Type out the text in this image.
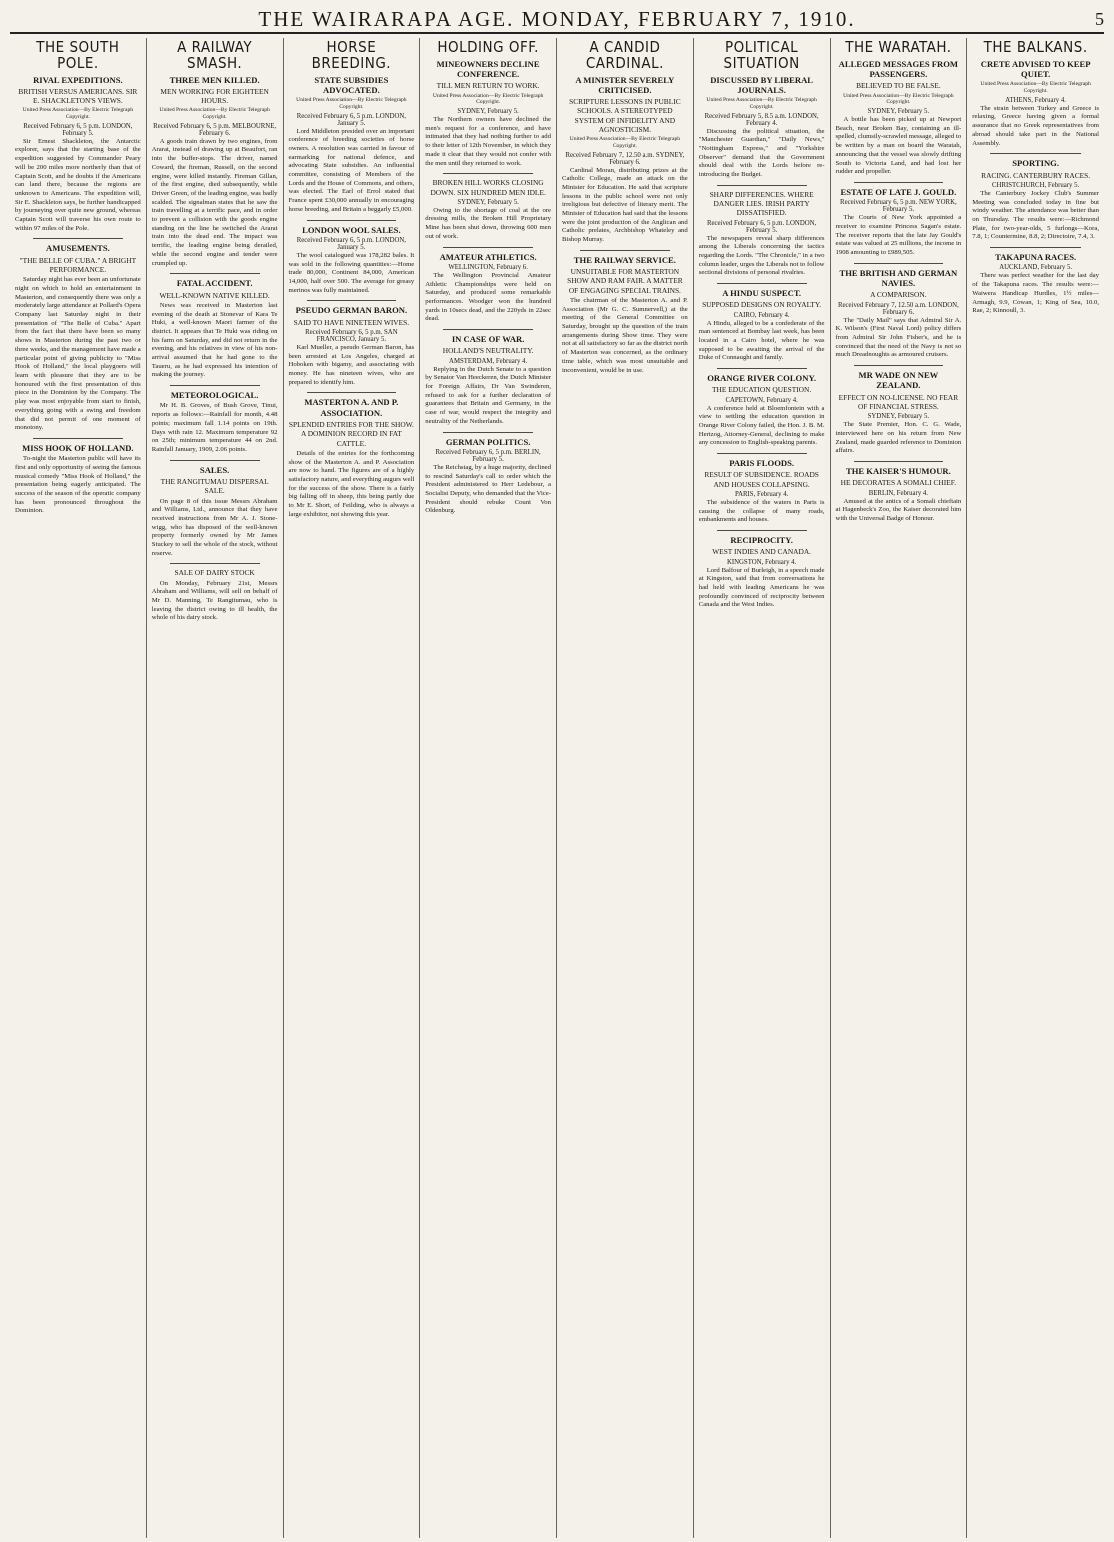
THE WAIRARAPA AGE. MONDAY, FEBRUARY 7, 1910.	5
THE SOUTH POLE.
RIVAL EXPEDITIONS.
BRITISH VERSUS AMERICANS. SIR E. SHACKLETON'S VIEWS.
United Press Association—By Electric Telegraph Copyright.
Received February 6, 5 p.m. LONDON, February 5.

Sir Ernest Shackleton, the Antarctic explorer, says that the starting base of the expedition suggested by Commander Peary will be 200 miles more northerly than that of Captain Scott, and he doubts if the Americans can land there, because the regions are unknown to Americans. The expedition will, Sir E. Shackleton says, be further handicapped by journeying over quite new ground, whereas Captain Scott will traverse his own route to within 97 miles of the Pole.

AMUSEMENTS.
"THE BELLE OF CUBA." A BRIGHT PERFORMANCE.

Saturday night has ever been an unfortunate night on which to hold an entertainment in Masterton, and consequently there was only a moderately large attendance at Pollard's Opera Company last Saturday night in their presentation of "The Belle of Cuba." Apart from the fact that there have been so many shows in Masterton during the past two or three weeks, and the management have made a particular point of giving publicity to "Miss Hook of Holland," the local playgoers will learn with pleasure that they are to be honoured with the first presentation of this piece in the Dominion by the Company. The play was most enjoyable from start to finish, everything going with a swing and freedom that did not permit of one moment of monotony.

MISS HOOK OF HOLLAND.

To-night the Masterton public will have its first and only opportunity of seeing the famous musical comedy "Miss Hook of Holland," the presentation being eagerly anticipated. The success of the season of the operatic company has been pronounced throughout the Dominion.

A RAILWAY SMASH.
THREE MEN KILLED.
MEN WORKING FOR EIGHTEEN HOURS.
United Press Association—By Electric Telegraph Copyright.
Received February 6, 5 p.m. MELBOURNE, February 6.

A goods train drawn by two engines, from Ararat, instead of drawing up at Beaufort, ran into the buffer-stops. The driver, named Coward, the fireman, Russell, on the second engine, were killed instantly. Fireman Gillan, of the first engine, died subsequently, while Driver Green, of the leading engine, was badly scalded. The signalman states that he saw the train travelling at a terrific pace, and in order to prevent a collision with the goods engine standing on the line he switched the Ararat train into the dead end. The impact was terrific, the leading engine being derailed, while the second engine and tender were crumpled up.

FATAL ACCIDENT.
WELL-KNOWN NATIVE KILLED.

News was received in Masterton last evening of the death at Stonevar of Kara Te Huki, a well-known Maori farmer of the district. It appears that Te Huki was riding on his farm on Saturday, and did not return in the evening, and his relatives in view of his non-arrival assumed that he had gone to the Taueru, as he had expressed his intention of making the journey.

METEOROLOGICAL.

Mr H. B. Groves, of Bush Grove, Tinui, reports as follows:—Rainfall for month, 4.48 points; maximum fall 1.14 points on 19th. Days with rain 12. Maximum temperature 92 on 25th; minimum temperature 44 on 2nd. Rainfall January, 1909, 2.06 points.

SALES.
THE RANGITUMAU DISPERSAL SALE.

On page 8 of this issue Messrs Abraham and Williams, Ltd., announce that they have received instructions from Mr A. J. Stone-wigg, who has disposed of the well-known property formerly owned by Mr James Stuckey to sell the whole of the stock, without reserve.

SALE OF DAIRY STOCK

On Monday, February 21st, Messrs Abraham and Williams, will sell on behalf of Mr D. Manning, Te Rangitumau, who is leaving the district owing to ill health, the whole of his dairy stock.

HORSE BREEDING.
STATE SUBSIDIES ADVOCATED.
United Press Association—By Electric Telegraph Copyright.
Received February 6, 5 p.m. LONDON, January 5.

Lord Middleton presided over an important conference of breeding societies of horse owners. A resolution was carried in favour of earmarking for national defence, and advocating State subsidies. An influential committee, consisting of Members of the Lords and the House of Commons, and others, was elected. The Earl of Errol stated that France spent £30,000 annually in encouraging horse breeding, and Britain a beggarly £5,000.

LONDON WOOL SALES.
Received February 6, 5 p.m. LONDON, January 5.

The wool catalogued was 178,282 bales. It was sold in the following quantities:—Home trade 80,000, Continent 84,000, American 14,000, half over 500. The average for greasy merinos was fully maintained.

PSEUDO GERMAN BARON.
SAID TO HAVE NINETEEN WIVES.
Received February 6, 5 p.m. SAN FRANCISCO, January 5.

Karl Mueller, a pseudo German Baron, has been arrested at Los Angeles, charged at Hoboken with bigamy, and associating with money. He has nineteen wives, who are prepared to identify him.

MASTERTON A. AND P. ASSOCIATION.
SPLENDID ENTRIES FOR THE SHOW. A DOMINION RECORD IN FAT CATTLE.

Details of the entries for the forthcoming show of the Masterton A. and P. Association are now to hand. The figures are of a highly satisfactory nature, and everything augurs well for the success of the show. There is a fairly big falling off in sheep, this being partly due to Mr E. Short, of Feilding, who is always a large exhibitor, not showing this year.

HOLDING OFF.
MINEOWNERS DECLINE CONFERENCE.
TILL MEN RETURN TO WORK.
United Press Association—By Electric Telegraph Copyright.
SYDNEY, February 5.

The Northern owners have declined the men's request for a conference, and have intimated that they had nothing further to add to their letter of 12th November, in which they made it clear that they would not confer with the men until they returned to work.

BROKEN HILL WORKS CLOSING DOWN. SIX HUNDRED MEN IDLE.
SYDNEY, February 5.

Owing to the shortage of coal at the ore dressing mills, the Broken Hill Proprietary Mine has been shut down, throwing 600 men out of work.

AMATEUR ATHLETICS.
WELLINGTON, February 6.

The Wellington Provincial Amateur Athletic Championships were held on Saturday, and produced some remarkable performances. Woodger won the hundred yards in 10secs dead, and the 220yds in 22sec dead.

IN CASE OF WAR.
HOLLAND'S NEUTRALITY.
AMSTERDAM, February 4.

Replying in the Dutch Senate to a question by Senator Van Heeckeren, the Dutch Minister for Foreign Affairs, Dr Van Swinderen, refused to ask for a further declaration of guarantees that Britain and Germany, in the case of war, would respect the integrity and neutrality of the Netherlands.

GERMAN POLITICS.
Received February 6, 5 p.m. BERLIN, February 5.

The Reichstag, by a huge majority, declined to rescind Saturday's call to order which the President administered to Herr Ledebour, a Socialist Deputy, who demanded that the Vice-President should rebuke Count Von Oldenburg.

A CANDID CARDINAL.
A MINISTER SEVERELY CRITICISED.
SCRIPTURE LESSONS IN PUBLIC SCHOOLS. A STEREOTYPED SYSTEM OF INFIDELITY AND AGNOSTICISM.
United Press Association—By Electric Telegraph Copyright.
Received February 7, 12.50 a.m. SYDNEY, February 6.

Cardinal Moran, distributing prizes at the Catholic College, made an attack on the Minister for Education. He said that scripture lessons in the public school were not only irreligious but defective of literary merit. The Minister of Education had said that the lessons were the joint production of the Anglican and Catholic prelates, Archbishop Whateley and Bishop Murray.

THE RAILWAY SERVICE.
UNSUITABLE FOR MASTERTON SHOW AND RAM FAIR. A MATTER OF ENGAGING SPECIAL TRAINS.

The chairman of the Masterton A. and P. Association (Mr G. C. Sumnervell,) at the meeting of the General Committee on Saturday, brought up the question of the train arrangements during Show time. They were not at all satisfactory so far as the district north of Masterton was concerned, as the ordinary time table, which was most unsuitable and inconvenient, would be in use.

POLITICAL SITUATION
DISCUSSED BY LIBERAL JOURNALS.
United Press Association—By Electric Telegraph Copyright.
Received February 5, 8.5 a.m. LONDON, February 4.

Discussing the political situation, the "Manchester Guardian," "Daily News," "Nottingham Express," and "Yorkshire Observer" demand that the Government should deal with the Lords before re-introducing the Budget.

SHARP DIFFERENCES. WHERE DANGER LIES. IRISH PARTY DISSATISFIED.
Received February 6, 5 p.m. LONDON, February 5.

The newspapers reveal sharp differences among the Liberals concerning the tactics regarding the Lords. "The Chronicle," in a two column leader, urges the Liberals not to follow sectional divisions of personal rivalries.

A HINDU SUSPECT.
SUPPOSED DESIGNS ON ROYALTY.
CAIRO, February 4.

A Hindu, alleged to be a confederate of the man sentenced at Bombay last week, has been located in a Cairo hotel, where he was supposed to be awaiting the arrival of the Duke of Connaught and family.

ORANGE RIVER COLONY.
THE EDUCATION QUESTION.
CAPETOWN, February 4.

A conference held at Bloemfontein with a view to settling the education question in Orange River Colony failed, the Hon. J. B. M. Hertzog, Attorney-General, declining to make any concession to English-speaking parents.

PARIS FLOODS.
RESULT OF SUBSIDENCE. ROADS AND HOUSES COLLAPSING.
PARIS, February 4.

The subsidence of the waters in Paris is causing the collapse of many roads, embankments and houses.

RECIPROCITY.
WEST INDIES AND CANADA.
KINGSTON, February 4.

Lord Balfour of Burleigh, in a speech made at Kingston, said that from conversations he had held with leading Americans he was profoundly convinced of reciprocity between Canada and the West Indies.

THE WARATAH.
ALLEGED MESSAGES FROM PASSENGERS.
BELIEVED TO BE FALSE.
United Press Association—By Electric Telegraph Copyright.
SYDNEY, February 5.

A bottle has been picked up at Newport Beach, near Broken Bay, containing an ill-spelled, clumsily-scrawled message, alleged to be written by a man on board the Waratah, announcing that the vessel was slowly drifting South to Victoria Land, and had lost her rudder and propeller.

ESTATE OF LATE J. GOULD.
Received February 6, 5 p.m. NEW YORK, February 5.

The Courts of New York appointed a receiver to examine Princess Sagan's estate. The receiver reports that the late Jay Gould's estate was valued at 25 millions, the income in 1908 amounting to £989,505.

THE BRITISH AND GERMAN NAVIES.
A COMPARISON.
Received February 7, 12.50 a.m. LONDON, February 6.

The "Daily Mail" says that Admiral Sir A. K. Wilson's (First Naval Lord) policy differs from Admiral Sir John Fisher's, and he is convinced that the need of the Navy is not so much Dreadnoughts as armoured cruisers.

MR WADE ON NEW ZEALAND.
EFFECT ON NO-LICENSE. NO FEAR OF FINANCIAL STRESS.
SYDNEY, February 5.

The State Premier, Hon. C. G. Wade, interviewed here on his return from New Zealand, made guarded reference to Dominion affairs.

THE KAISER'S HUMOUR.
HE DECORATES A SOMALI CHIEF.
BERLIN, February 4.

Amused at the antics of a Somali chieftain at Hagenbeck's Zoo, the Kaiser decorated him with the Universal Badge of Honour.

THE BALKANS.
CRETE ADVISED TO KEEP QUIET.
United Press Association—By Electric Telegraph Copyright.
ATHENS, February 4.

The strain between Turkey and Greece is relaxing, Greece having given a formal assurance that no Greek representatives from abroad should take part in the National Assembly.

SPORTING.
RACING. CANTERBURY RACES.
CHRISTCHURCH, February 5.

The Canterbury Jockey Club's Summer Meeting was concluded today in fine but windy weather. The attendance was better than on Thursday. The results were:—Richmond Plate, for two-year-olds, 5 furlongs—Kora, 7.8, 1; Countermine, 8.8, 2; Directoire, 7.4, 3.

TAKAPUNA RACES.
AUCKLAND, February 5.

There was perfect weather for the last day of the Takapuna races. The results were:—Waiwera Handicap Hurdles, 1½ miles—Armagh, 9.9, Cowan, 1; King of Sea, 10.0, Rae, 2; Kinnoull, 3.
